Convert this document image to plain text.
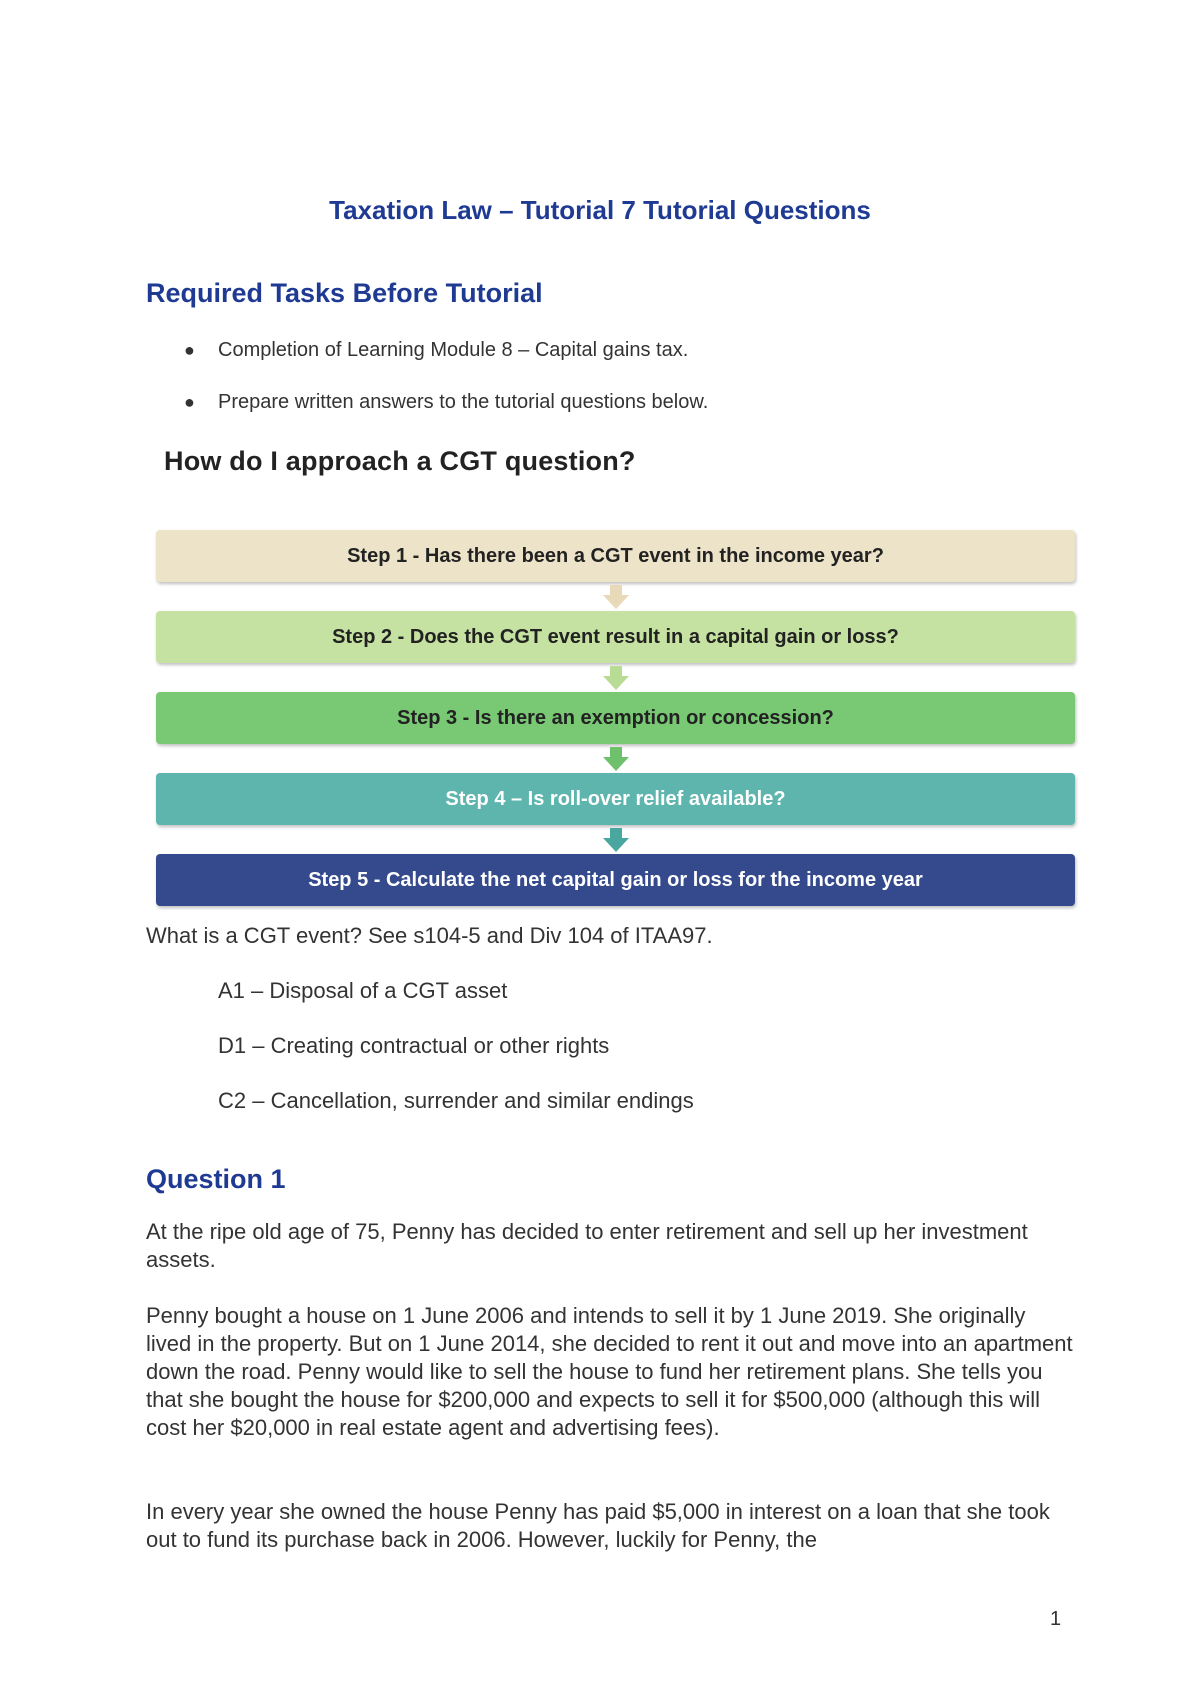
Taxation Law – Tutorial 7 Tutorial Questions
Required Tasks Before Tutorial
● Completion of Learning Module 8 – Capital gains tax.
● Prepare written answers to the tutorial questions below.
How do I approach a CGT question?
Step 1 - Has there been a CGT event in the income year?
Step 2 - Does the CGT event result in a capital gain or loss?
Step 3 - Is there an exemption or concession?
Step 4 – Is roll-over relief available?
Step 5 - Calculate the net capital gain or loss for the income year
What is a CGT event? See s104-5 and Div 104 of ITAA97.
A1 – Disposal of a CGT asset
D1 – Creating contractual or other rights
C2 – Cancellation, surrender and similar endings
Question 1
At the ripe old age of 75, Penny has decided to enter retirement and sell up her investment assets.
Penny bought a house on 1 June 2006 and intends to sell it by 1 June 2019. She originally lived in the property. But on 1 June 2014, she decided to rent it out and move into an apartment down the road. Penny would like to sell the house to fund her retirement plans. She tells you that she bought the house for $200,000 and expects to sell it for $500,000 (although this will cost her $20,000 in real estate agent and advertising fees).
In every year she owned the house Penny has paid $5,000 in interest on a loan that she took out to fund its purchase back in 2006. However, luckily for Penny, the
1
